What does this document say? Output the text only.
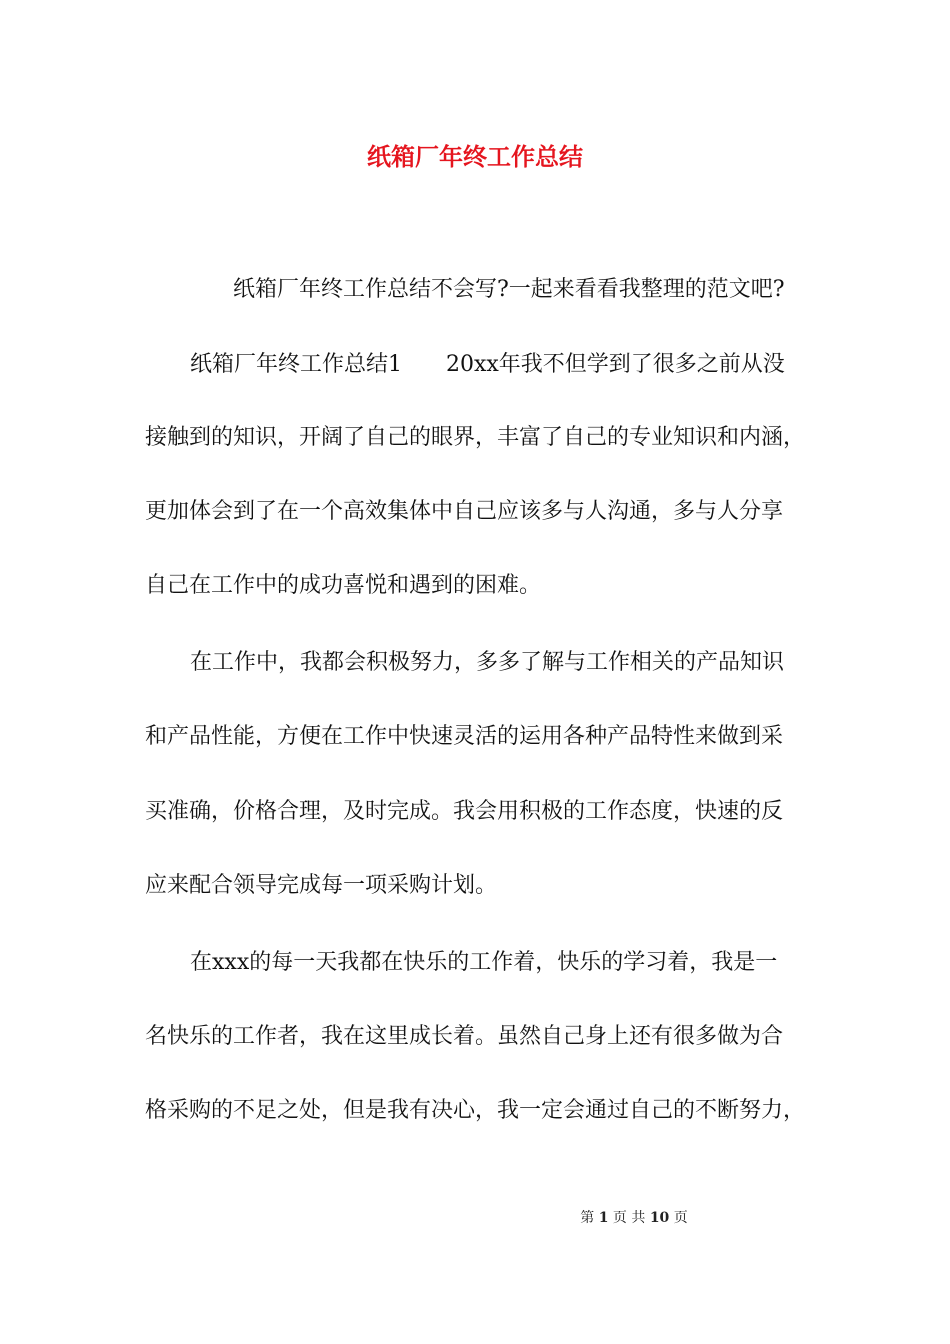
纸箱厂年终工作总结
纸箱厂年终工作总结不会写?一起来看看我整理的范文吧?
纸箱厂年终工作总结1　　20xx年我不但学到了很多之前从没
接触到的知识，开阔了自己的眼界，丰富了自己的专业知识和内涵，
更加体会到了在一个高效集体中自己应该多与人沟通，多与人分享
自己在工作中的成功喜悦和遇到的困难。
在工作中，我都会积极努力，多多了解与工作相关的产品知识
和产品性能，方便在工作中快速灵活的运用各种产品特性来做到采
买准确，价格合理，及时完成。我会用积极的工作态度，快速的反
应来配合领导完成每一项采购计划。
在xxx的每一天我都在快乐的工作着，快乐的学习着，我是一
名快乐的工作者，我在这里成长着。虽然自己身上还有很多做为合
格采购的不足之处，但是我有决心，我一定会通过自己的不断努力，
第 1 页 共 10 页
